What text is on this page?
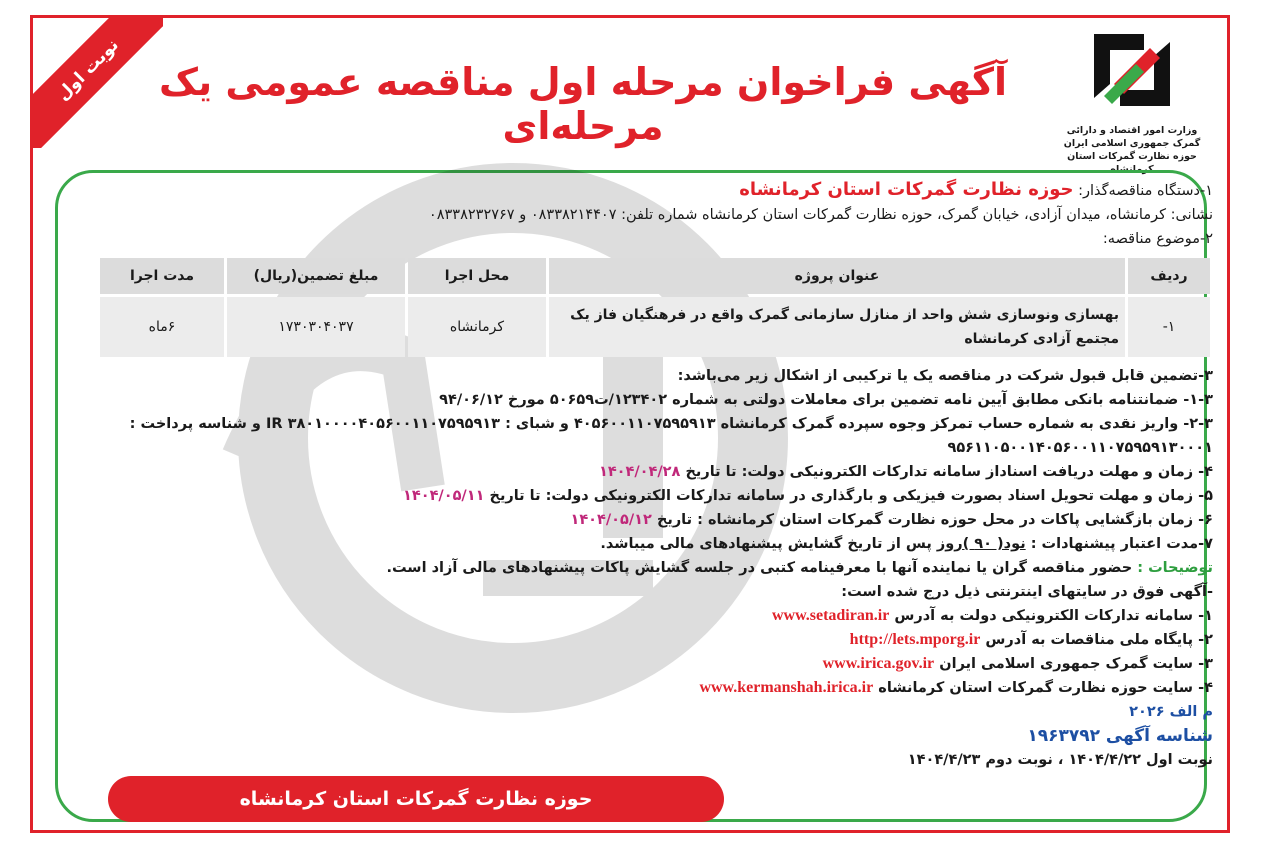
نوبت اول آگهی فراخوان مرحله اول مناقصه عمومی یک مرحله‌ای	وزارت امور اقتصاد و دارائی
گمرک جمهوری اسلامی ایران
حوزه نظارت گمرکات استان کرمانشاه

۱-دستگاه مناقصه‌گذار: حوزه نظارت گمرکات استان کرمانشاه

نشانی: کرمانشاه، میدان آزادی، خیابان گمرک، حوزه نظارت گمرکات استان کرمانشاه شماره تلفن: ۰۸۳۳۸۲۱۴۴۰۷ و ۰۸۳۳۸۲۳۲۷۶۷

۲-موضوع مناقصه:

ردیف	عنوان پروژه	محل اجرا	مبلغ تضمین(ریال)	مدت اجرا
۱-	بهسازی ونوسازی شش واحد از منازل سازمانی گمرک واقع در فرهنگیان فاز یک مجتمع آزادی کرمانشاه	کرمانشاه	۱۷۳۰۳۰۴۰۳۷	۶ماه

۳-تضمین قابل قبول شرکت در مناقصه یک یا ترکیبی از اشکال زیر می‌باشد:

۱-۳- ضمانتنامه بانکی مطابق آیین نامه تضمین برای معاملات دولتی به شماره ۱۲۳۴۰۲/ت۵۰۶۵۹ مورخ ۹۴/۰۶/۱۲

۲-۳- واریز نقدی به شماره حساب تمرکز وجوه سپرده گمرک کرمانشاه ۴۰۵۶۰۰۱۱۰۷۵۹۵۹۱۳ و شبای : IR ۳۸۰۱۰۰۰۰۴۰۵۶۰۰۱۱۰۷۵۹۵۹۱۳ و شناسه پرداخت : ۹۵۶۱۱۰۵۰۰۱۴۰۵۶۰۰۱۱۰۷۵۹۵۹۱۳۰۰۰۱

۴- زمان و مهلت دریافت اسناداز سامانه تدارکات الکترونیکی دولت: تا تاریخ ۱۴۰۴/۰۴/۲۸

۵- زمان و مهلت تحویل اسناد بصورت فیزیکی و بارگذاری در سامانه تدارکات الکترونیکی دولت: تا تاریخ ۱۴۰۴/۰۵/۱۱

۶- زمان بازگشایی پاکات در محل حوزه نظارت گمرکات استان کرمانشاه : تاریخ ۱۴۰۴/۰۵/۱۲

۷-مدت اعتبار پیشنهادات : نود( ۹۰ )روز پس از تاریخ گشایش پیشنهادهای مالی میباشد.

توضیحات : حضور مناقصه گران یا نماینده آنها با معرفینامه کتبی در جلسه گشایش پاکات پیشنهادهای مالی آزاد است.

-آگهی فوق در سایتهای اینترنتی ذیل درج شده است:

۱- سامانه تدارکات الکترونیکی دولت به آدرس www.setadiran.ir

۲- پایگاه ملی مناقصات به آدرس http://lets.mporg.ir

۳- سایت گمرک جمهوری اسلامی ایران www.irica.gov.ir

۴- سایت حوزه نظارت گمرکات استان کرمانشاه www.kermanshah.irica.ir

م الف ۲۰۲۶

شناسه آگهی ۱۹۶۳۷۹۲

نوبت اول ۱۴۰۴/۴/۲۲ ، نوبت دوم ۱۴۰۴/۴/۲۳

حوزه نظارت گمرکات استان کرمانشاه
